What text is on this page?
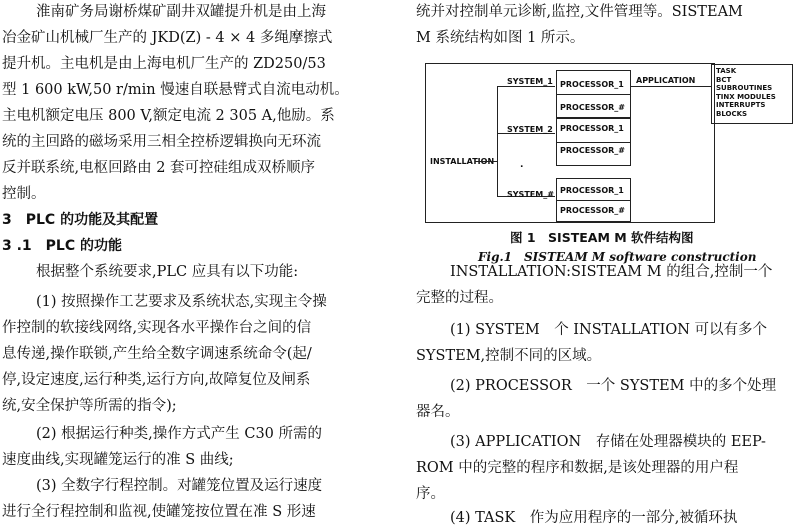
淮南矿务局谢桥煤矿副井双罐提升机是由上海
冶金矿山机械厂生产的 JKD(Z) - 4 × 4 多绳摩擦式
提升机。主电机是由上海电机厂生产的 ZD250/53
型 1 600 kW,50 r/min 慢速自联悬臂式自流电动机。
主电机额定电压 800 V,额定电流 2 305 A,他励。系
统的主回路的磁场采用三相全控桥逻辑换向无环流
反并联系统,电枢回路由 2 套可控硅组成双桥顺序
控制。
3　PLC 的功能及其配置
3 .1　PLC 的功能
根据整个系统要求,PLC 应具有以下功能:
(1) 按照操作工艺要求及系统状态,实现主令操
作控制的软接线网络,实现各水平操作台之间的信
息传递,操作联锁,产生给全数字调速系统命令(起/
停,设定速度,运行种类,运行方向,故障复位及闸系
统,安全保护等所需的指令);
(2) 根据运行种类,操作方式产生 C30 所需的
速度曲线,实现罐笼运行的准 S 曲线;
(3) 全数字行程控制。对罐笼位置及运行速度
进行全行程控制和监视,使罐笼按位置在准 S 形速
统并对控制单元诊断,监控,文件管理等。SISTEAM
M 系统结构如图 1 所示。
INSTALLATION:SISTEAM M 的组合,控制一个
完整的过程。
(1) SYSTEM　个 INSTALLATION 可以有多个
SYSTEM,控制不同的区域。
(2) PROCESSOR　一个 SYSTEM 中的多个处理
器名。
(3) APPLICATION　存储在处理器模块的 EEP-
ROM 中的完整的程序和数据,是该处理器的用户程
序。
(4) TASK　作为应用程序的一部分,被循环执
INSTALLATION
SYSTEM_1
SYSTEM_2
SYSTEM_#
.
PROCESSOR_1
PROCESSOR_#
PROCESSOR_1
PROCESSOR_#
PROCESSOR_1
PROCESSOR_#
APPLICATION
TASK
BCT
SUBROUTINES
TINX MODULES
INTERRUPTS
BLOCKS
图 1　SISTEAM M 软件结构图
Fig.1　SISTEAM M software construction
